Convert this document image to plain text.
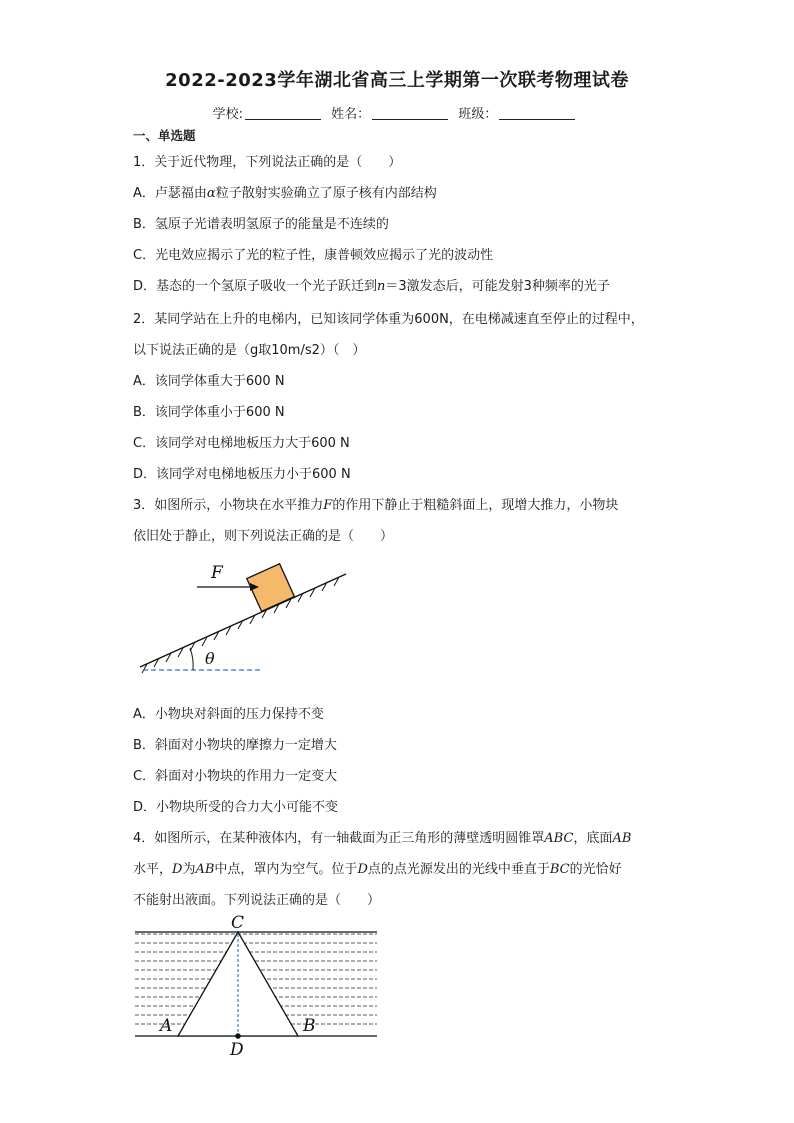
2022-2023学年湖北省高三上学期第一次联考物理试卷
学校:	姓名：	班级：
一、单选题
1．关于近代物理，下列说法正确的是（　　）
A．卢瑟福由α粒子散射实验确立了原子核有内部结构
B．氢原子光谱表明氢原子的能量是不连续的
C．光电效应揭示了光的粒子性，康普顿效应揭示了光的波动性
D．基态的一个氢原子吸收一个光子跃迁到n＝3激发态后，可能发射3种频率的光子
2．某同学站在上升的电梯内，已知该同学体重为600N，在电梯减速直至停止的过程中，
以下说法正确的是（g取10m/s2）（　）
A．该同学体重大于600 N
B．该同学体重小于600 N
C．该同学对电梯地板压力大于600 N
D．该同学对电梯地板压力小于600 N
3．如图所示，小物块在水平推力F的作用下静止于粗糙斜面上，现增大推力，小物块
依旧处于静止，则下列说法正确的是（　　）
θ
F
A．小物块对斜面的压力保持不变
B．斜面对小物块的摩擦力一定增大
C．斜面对小物块的作用力一定变大
D．小物块所受的合力大小可能不变
4．如图所示，在某种液体内，有一轴截面为正三角形的薄壁透明圆锥罩ABC，底面AB
水平，D为AB中点，罩内为空气。位于D点的点光源发出的光线中垂直于BC的光恰好
不能射出液面。下列说法正确的是（　　）
C
A	B
D
